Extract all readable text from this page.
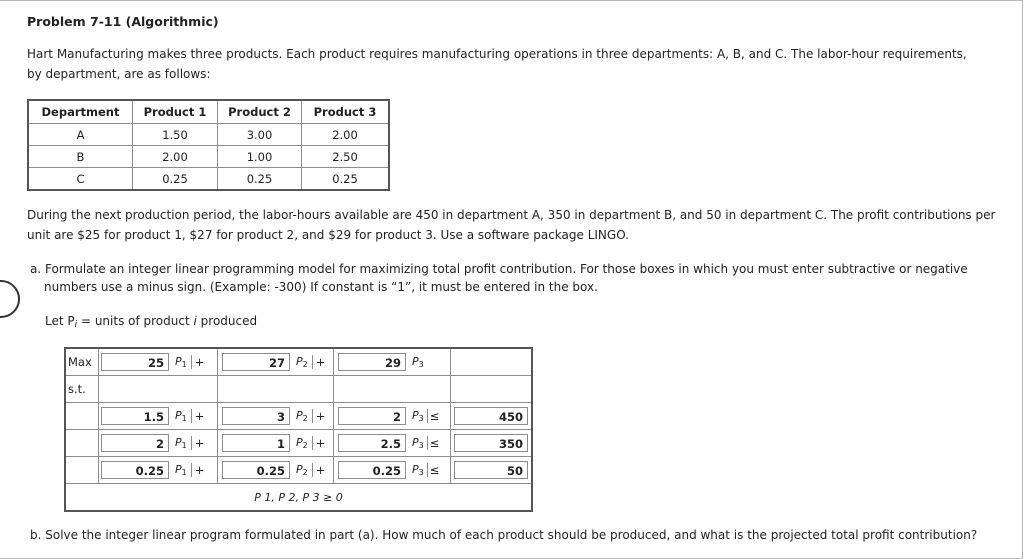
Problem 7-11 (Algorithmic)
Hart Manufacturing makes three products. Each product requires manufacturing operations in three departments: A, B, and C. The labor-hour requirements, by department, are as follows:
Department	Product 1	Product 2	Product 3
A	1.50	3.00	2.00
B	2.00	1.00	2.50
C	0.25	0.25	0.25
During the next production period, the labor-hours available are 450 in department A, 350 in department B, and 50 in department C. The profit contributions per unit are $25 for product 1, $27 for product 2, and $29 for product 3. Use a software package LINGO.
a. Formulate an integer linear programming model for maximizing total profit contribution. For those boxes in which you must enter subtractive or negative numbers use a minus sign. (Example: -300) If constant is “1”, it must be entered in the box.
Let Pi = units of product i produced
Max	25 $P_1$ +	27 $P_2$ +	29 $P_3$

s.t.				

	1.5 $P_1$ +	3 $P_2$ +	2 $P_3$ ≤	450

	2 $P_1$ +	1 $P_2$ +	2.5 $P_3$ ≤	350

	0.25 $P_1$ +	0.25 $P_2$ +	0.25 $P_3$ ≤	50

P 1, P 2, P 3 ≥ 0				
b. Solve the integer linear program formulated in part (a). How much of each product should be produced, and what is the projected total profit contribution?
